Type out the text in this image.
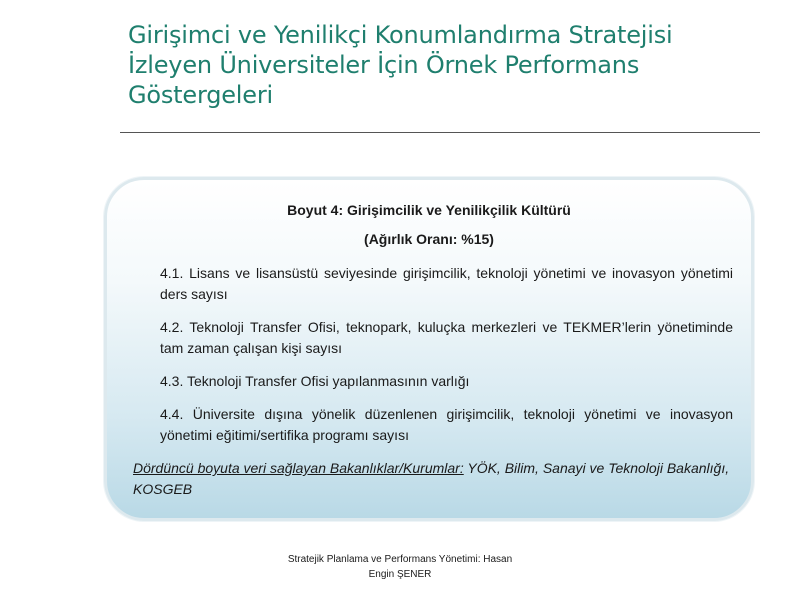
Girişimci ve Yenilikçi Konumlandırma Stratejisi
İzleyen Üniversiteler İçin Örnek Performans
Göstergeleri
Boyut 4: Girişimcilik ve Yenilikçilik Kültürü
(Ağırlık Oranı: %15)
4.1. Lisans ve lisansüstü seviyesinde girişimcilik, teknoloji yönetimi ve inovasyon yönetimi ders sayısı
4.2. Teknoloji Transfer Ofisi, teknopark, kuluçka merkezleri ve TEKMER’lerin yönetiminde tam zaman çalışan kişi sayısı
4.3. Teknoloji Transfer Ofisi yapılanmasının varlığı
4.4. Üniversite dışına yönelik düzenlenen girişimcilik, teknoloji yönetimi ve inovasyon yönetimi eğitimi/sertifika programı sayısı
Dördüncü boyuta veri sağlayan Bakanlıklar/Kurumlar: YÖK, Bilim, Sanayi ve Teknoloji Bakanlığı, KOSGEB
Stratejik Planlama ve Performans Yönetimi: Hasan
Engin ŞENER
